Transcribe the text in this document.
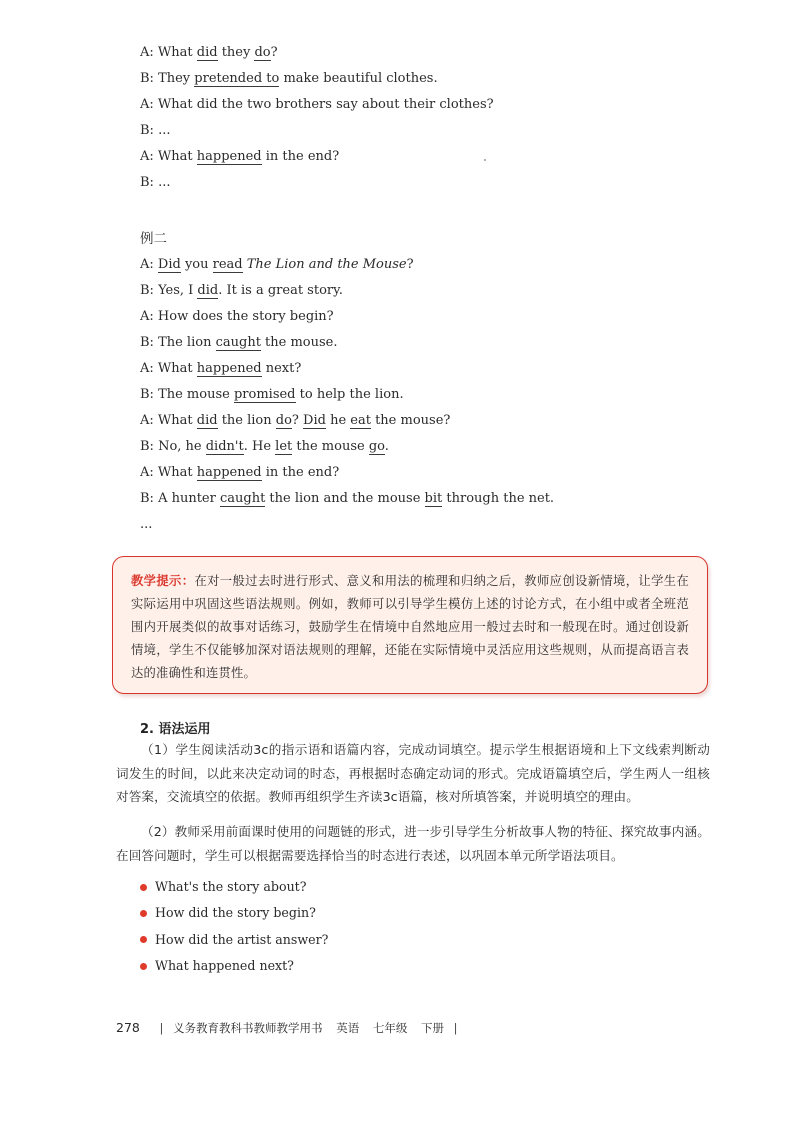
A: What did they do?
B: They pretended to make beautiful clothes.
A: What did the two brothers say about their clothes?
B: ...
A: What happened in the end?
B: ...
例二
A: Did you read The Lion and the Mouse?
B: Yes, I did. It is a great story.
A: How does the story begin?
B: The lion caught the mouse.
A: What happened next?
B: The mouse promised to help the lion.
A: What did the lion do? Did he eat the mouse?
B: No, he didn't. He let the mouse go.
A: What happened in the end?
B: A hunter caught the lion and the mouse bit through the net.
...
教学提示：在对一般过去时进行形式、意义和用法的梳理和归纳之后，教师应创设新情境，让学生在实际运用中巩固这些语法规则。例如，教师可以引导学生模仿上述的讨论方式，在小组中或者全班范围内开展类似的故事对话练习，鼓励学生在情境中自然地应用一般过去时和一般现在时。通过创设新情境，学生不仅能够加深对语法规则的理解，还能在实际情境中灵活应用这些规则，从而提高语言表达的准确性和连贯性。
2. 语法运用
（1）学生阅读活动3c的指示语和语篇内容，完成动词填空。提示学生根据语境和上下文线索判断动词发生的时间，以此来决定动词的时态，再根据时态确定动词的形式。完成语篇填空后，学生两人一组核对答案，交流填空的依据。教师再组织学生齐读3c语篇，核对所填答案，并说明填空的理由。
（2）教师采用前面课时使用的问题链的形式，进一步引导学生分析故事人物的特征、探究故事内涵。在回答问题时，学生可以根据需要选择恰当的时态进行表述，以巩固本单元所学语法项目。
What's the story about?
How did the story begin?
How did the artist answer?
What happened next?
278 | 义务教育教科书教师教学用书 英语 七年级 下册 |
